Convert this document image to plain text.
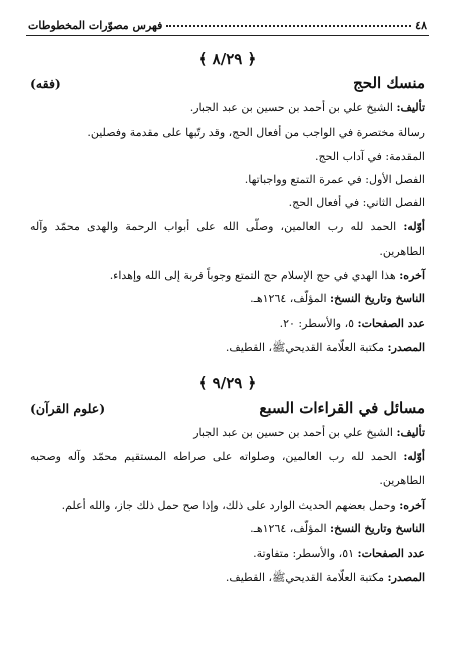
٤٨
فهرس مصوّرات المخطوطات
﴿ ٨/٢٩ ﴾
منسك الحج
(فقه)
تأليف: الشيخ علي بن أحمد بن حسين بن عبد الجبار.
رسالة مختصرة في الواجب من أفعال الحج، وقد رتّبها على مقدمة وفصلين.
المقدمة: في آداب الحج.
الفصل الأول: في عمرة التمتع وواجباتها.
الفصل الثاني: في أفعال الحج.
أوّله: الحمد لله رب العالمين، وصلّى الله على أبواب الرحمة والهدى محمّد وآله
الطاهرين.
آخره: هذا الهدي في حج الإسلام حج التمتع وجوباً قربة إلى الله وإهداء.
الناسخ وتاريخ النسخ: المؤلّف، ١٢٦٤هـ.
عدد الصفحات: ٥، والأسطر: ٢٠.
المصدر: مكتبة العلّامة القديحيﷺ، القطيف.
﴿ ٩/٢٩ ﴾
مسائل في القراءات السبع
(علوم القرآن)
تأليف: الشيخ علي بن أحمد بن حسين بن عبد الجبار
أوّله: الحمد لله رب العالمين، وصلواته على صراطه المستقيم محمّد وآله وصحبه
الطاهرين.
آخره: وحمل بعضهم الحديث الوارد على ذلك، وإذا صح حمل ذلك جاز، والله أعلم.
الناسخ وتاريخ النسخ: المؤلّف، ١٢٦٤هـ.
عدد الصفحات: ٥١، والأسطر: متفاوتة.
المصدر: مكتبة العلّامة القديحيﷺ، القطيف.
